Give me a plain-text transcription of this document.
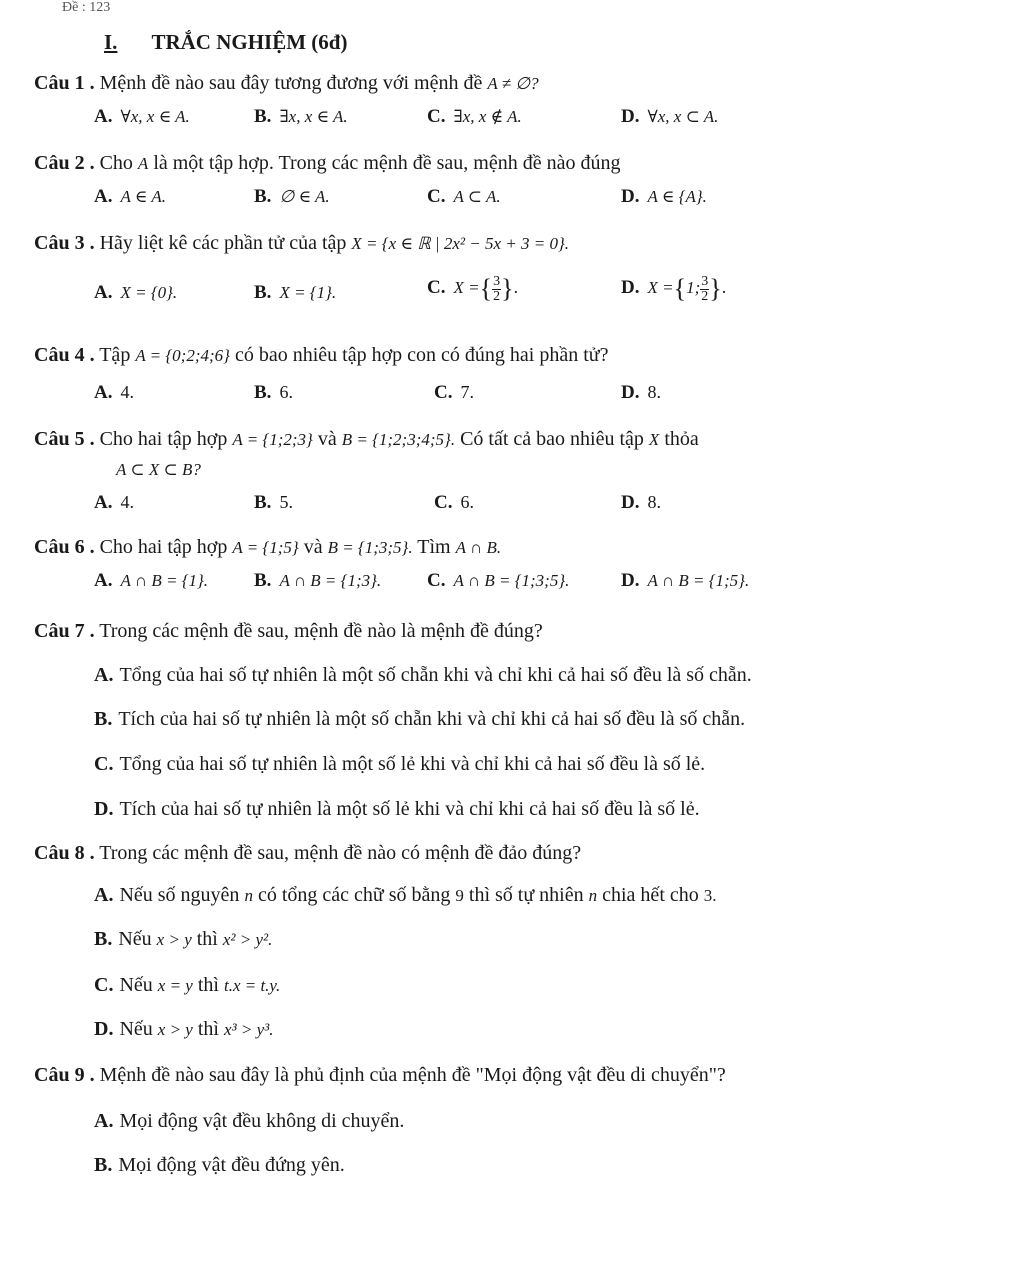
Đề : 123
I. TRẮC NGHIỆM (6đ)
Câu 1 . Mệnh đề nào sau đây tương đương với mệnh đề A ≠ ∅?
A. ∀x, x ∈ A.	B. ∃x, x ∈ A.	C. ∃x, x ∉ A.	D. ∀x, x ⊂ A.
Câu 2 . Cho A là một tập hợp. Trong các mệnh đề sau, mệnh đề nào đúng
A. A ∈ A.	B. ∅ ∈ A.	C. A ⊂ A.	D. A ∈ {A}.
Câu 3 . Hãy liệt kê các phần tử của tập X = {x ∈ ℝ | 2x² − 5x + 3 = 0}.
A. X = {0}.	B. X = {1}.	C. X ={ $\frac{3}{2}$ }.	D. X ={1; $\frac{3}{2}$ }.
Câu 4 . Tập A = {0;2;4;6} có bao nhiêu tập hợp con có đúng hai phần tử?
A. 4.	B. 6.	C. 7.	D. 8.
Câu 5 . Cho hai tập hợp A = {1;2;3} và B = {1;2;3;4;5}. Có tất cả bao nhiêu tập X thỏa
A ⊂ X ⊂ B?
A. 4.	B. 5.	C. 6.	D. 8.
Câu 6 . Cho hai tập hợp A = {1;5} và B = {1;3;5}. Tìm A ∩ B.
A. A ∩ B = {1}. B. A ∩ B = {1;3}. C. A ∩ B = {1;3;5}.	D. A ∩ B = {1;5}.
Câu 7 . Trong các mệnh đề sau, mệnh đề nào là mệnh đề đúng?
A. Tổng của hai số tự nhiên là một số chẵn khi và chỉ khi cả hai số đều là số chẵn.
B. Tích của hai số tự nhiên là một số chẵn khi và chỉ khi cả hai số đều là số chẵn.
C. Tổng của hai số tự nhiên là một số lẻ khi và chỉ khi cả hai số đều là số lẻ.
D. Tích của hai số tự nhiên là một số lẻ khi và chỉ khi cả hai số đều là số lẻ.
Câu 8 . Trong các mệnh đề sau, mệnh đề nào có mệnh đề đảo đúng?
A. Nếu số nguyên n có tổng các chữ số bằng 9 thì số tự nhiên n chia hết cho 3.
B. Nếu x > y thì x² > y².
C. Nếu x = y thì t.x = t.y.
D. Nếu x > y thì x³ > y³.
Câu 9 . Mệnh đề nào sau đây là phủ định của mệnh đề "Mọi động vật đều di chuyển"?
A. Mọi động vật đều không di chuyển.
B. Mọi động vật đều đứng yên.
